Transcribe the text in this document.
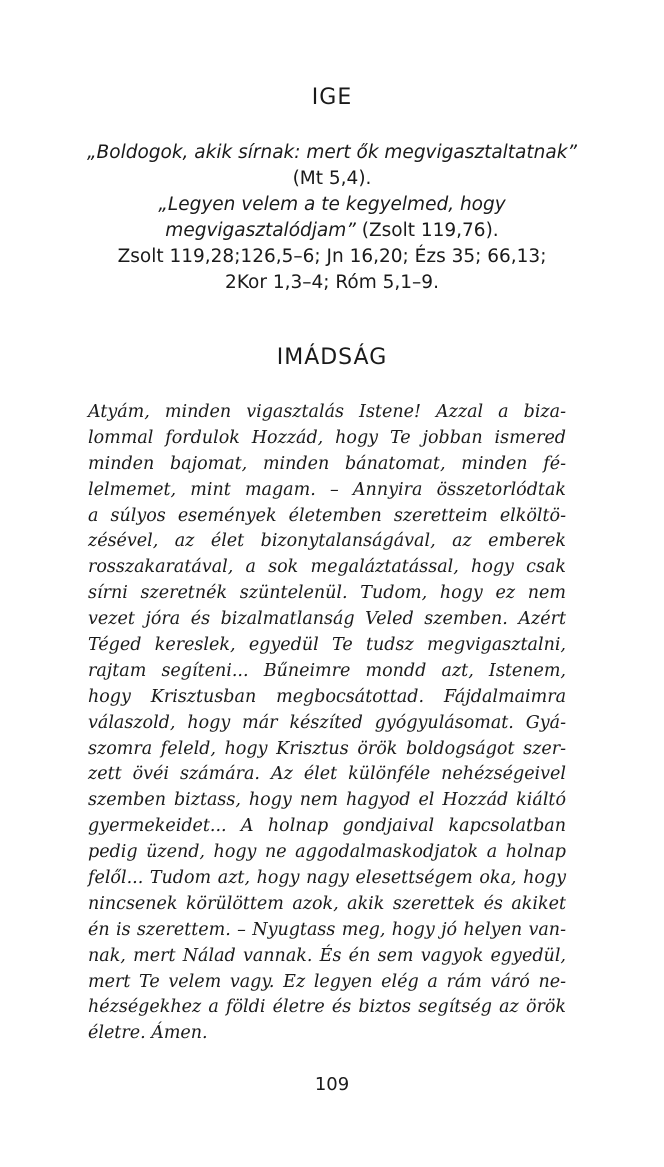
IGE
„Boldogok, akik sírnak: mert ők megvigasztaltatnak”
(Mt 5,4).
„Legyen velem a te kegyelmed, hogy
megvigasztalódjam” (Zsolt 119,76).
Zsolt 119,28;126,5–6; Jn 16,20; Ézs 35; 66,13;
2Kor 1,3–4; Róm 5,1–9.
IMÁDSÁG
Atyám, minden vigasztalás Istene! Azzal a biza-
lommal fordulok Hozzád, hogy Te jobban ismered
minden bajomat, minden bánatomat, minden fé-
lelmemet, mint magam. – Annyira összetorlódtak
a súlyos események életemben szeretteim elköltö-
zésével, az élet bizonytalanságával, az emberek
rosszakaratával, a sok megaláztatással, hogy csak
sírni szeretnék szüntelenül. Tudom, hogy ez nem
vezet jóra és bizalmatlanság Veled szemben. Azért
Téged kereslek, egyedül Te tudsz megvigasztalni,
rajtam segíteni... Bűneimre mondd azt, Istenem,
hogy Krisztusban megbocsátottad. Fájdalmaimra
válaszold, hogy már készíted gyógyulásomat. Gyá-
szomra feleld, hogy Krisztus örök boldogságot szer-
zett övéi számára. Az élet különféle nehézségeivel
szemben biztass, hogy nem hagyod el Hozzád kiáltó
gyermekeidet... A holnap gondjaival kapcsolatban
pedig üzend, hogy ne aggodalmaskodjatok a holnap
felől... Tudom azt, hogy nagy elesettségem oka, hogy
nincsenek körülöttem azok, akik szerettek és akiket
én is szerettem. – Nyugtass meg, hogy jó helyen van-
nak, mert Nálad vannak. És én sem vagyok egyedül,
mert Te velem vagy. Ez legyen elég a rám váró ne-
hézségekhez a földi életre és biztos segítség az örök
életre. Ámen.
109
